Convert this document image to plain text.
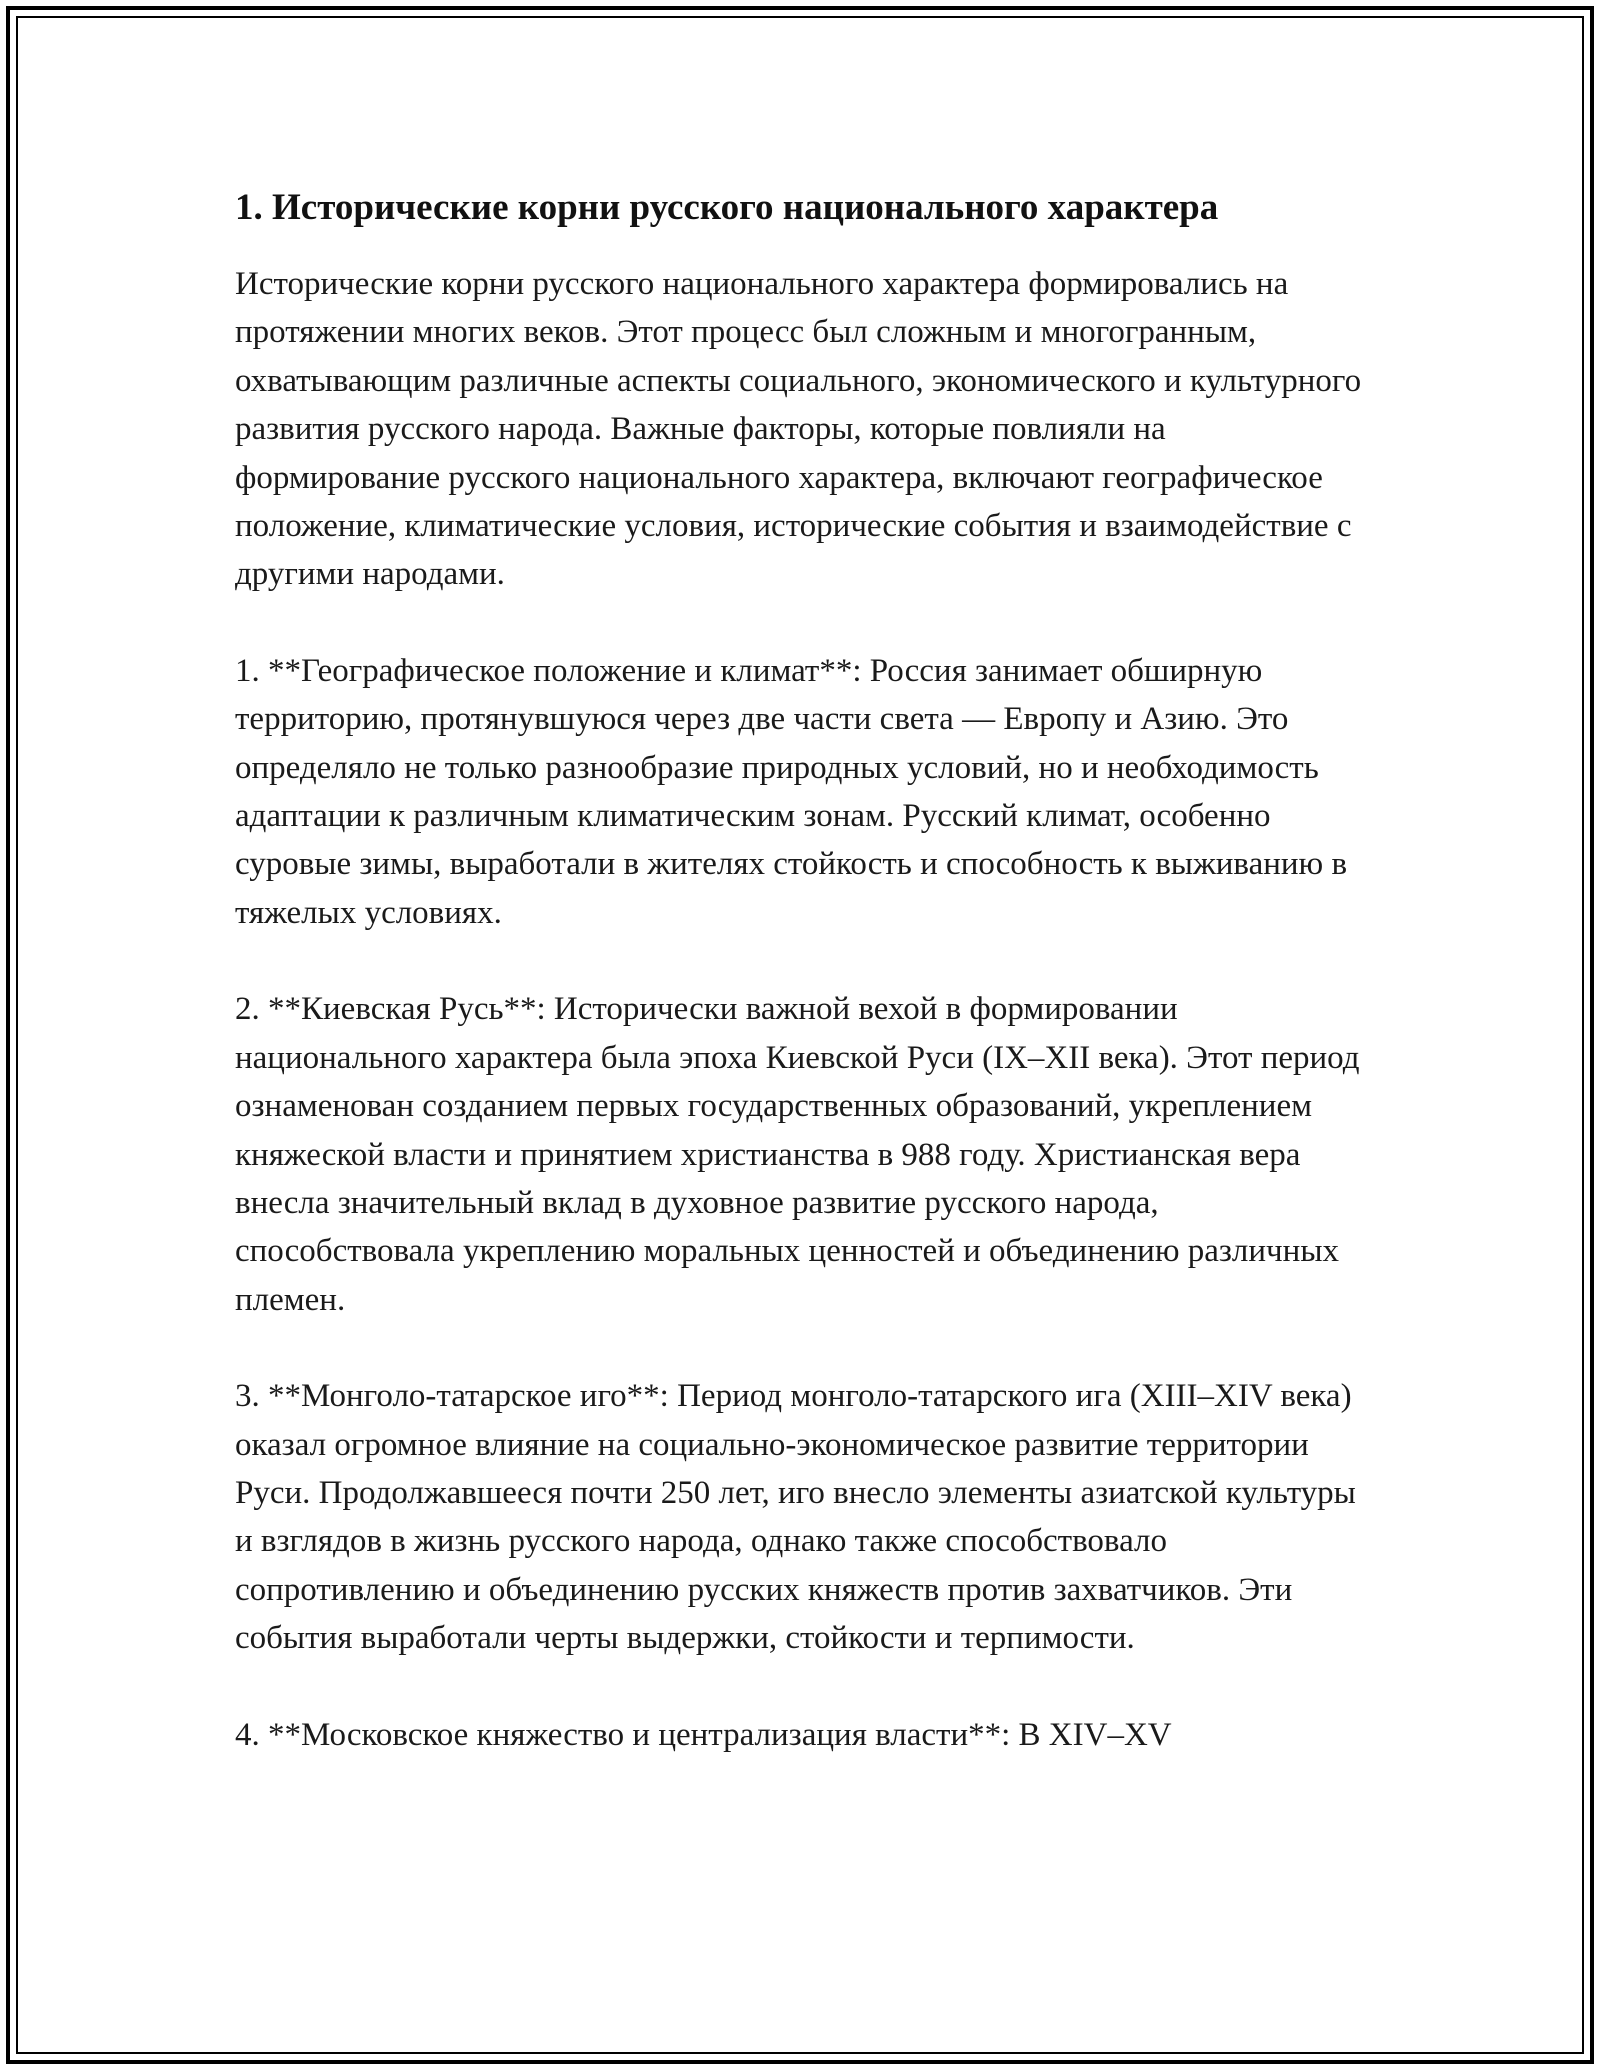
1. Исторические корни русского национального характера

Исторические корни русского национального характера формировались на протяжении многих веков. Этот процесс был сложным и многогранным, охватывающим различные аспекты социального, экономического и культурного развития русского народа. Важные факторы, которые повлияли на формирование русского национального характера, включают географическое положение, климатические условия, исторические события и взаимодействие с другими народами.

1. **Географическое положение и климат**: Россия занимает обширную территорию, протянувшуюся через две части света — Европу и Азию. Это определяло не только разнообразие природных условий, но и необходимость адаптации к различным климатическим зонам. Русский климат, особенно суровые зимы, выработали в жителях стойкость и способность к выживанию в тяжелых условиях.

2. **Киевская Русь**: Исторически важной вехой в формировании национального характера была эпоха Киевской Руси (IX–XII века). Этот период ознаменован созданием первых государственных образований, укреплением княжеской власти и принятием христианства в 988 году. Христианская вера внесла значительный вклад в духовное развитие русского народа, способствовала укреплению моральных ценностей и объединению различных племен.

3. **Монголо-татарское иго**: Период монголо-татарского ига (XIII–XIV века) оказал огромное влияние на социально-экономическое развитие территории Руси. Продолжавшееся почти 250 лет, иго внесло элементы азиатской культуры и взглядов в жизнь русского народа, однако также способствовало сопротивлению и объединению русских княжеств против захватчиков. Эти события выработали черты выдержки, стойкости и терпимости.

4. **Московское княжество и централизация власти**: В XIV–XV
